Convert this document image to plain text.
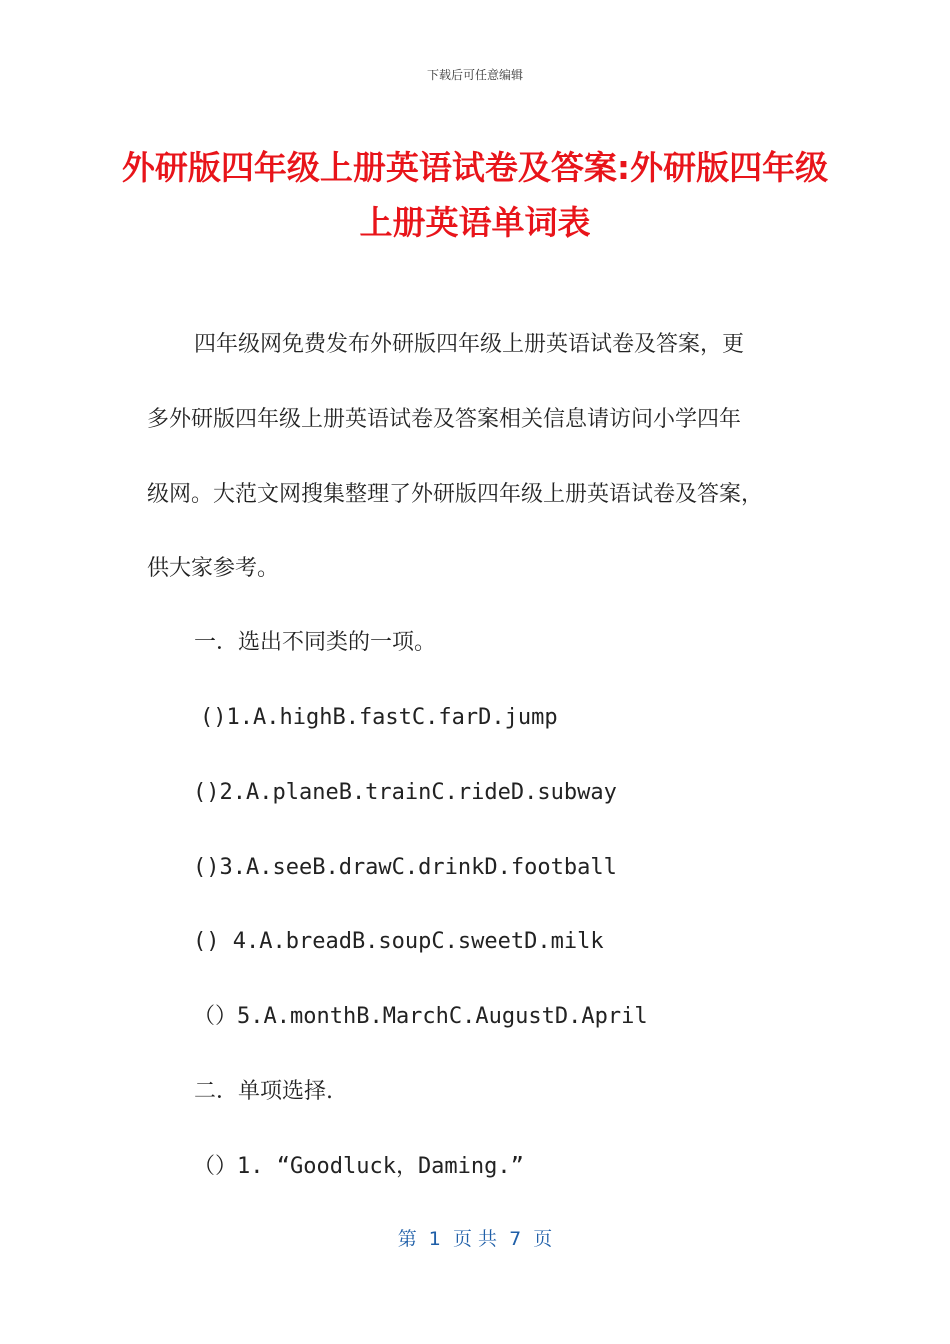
下载后可任意编辑
外研版四年级上册英语试卷及答案:外研版四年级上册英语单词表
四年级网免费发布外研版四年级上册英语试卷及答案，更
多外研版四年级上册英语试卷及答案相关信息请访问小学四年
级网。大范文网搜集整理了外研版四年级上册英语试卷及答案，
供大家参考。
一．选出不同类的一项。
()1.A.highB.fastC.farD.jump
()2.A.planeB.trainC.rideD.subway
()3.A.seeB.drawC.drinkD.football
() 4.A.breadB.soupC.sweetD.milk
（）5.A.monthB.MarchC.AugustD.April
二．单项选择.
（）1. “Goodluck，Daming.”
第  1  页 共  7  页
